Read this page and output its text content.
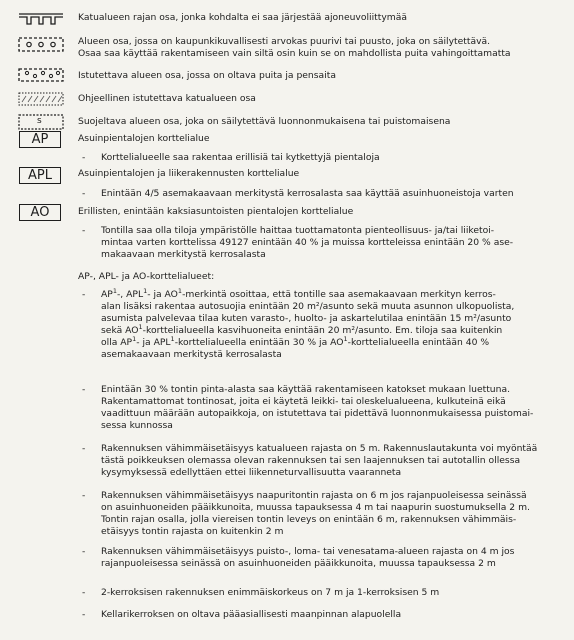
s
Katualueen rajan osa, jonka kohdalta ei saa järjestää ajoneuvoliittymää
Alueen osa, jossa on kaupunkikuvallisesti arvokas puurivi tai puusto, joka on säilytettävä.
Osaa saa käyttää rakentamiseen vain siltä osin kuin se on mahdollista puita vahingoittamatta
Istutettava alueen osa, jossa on oltava puita ja pensaita
Ohjeellinen istutettava katualueen osa
Suojeltava alueen osa, joka on säilytettävä luonnonmukaisena tai puistomaisena
AP	Asuinpientalojen korttelialue
- Korttelialueelle saa rakentaa erillisiä tai kytkettyjä pientaloja
APL	Asuinpientalojen ja liikerakennusten korttelialue
- Enintään 4/5 asemakaavaan merkitystä kerrosalasta saa käyttää asuinhuoneistoja varten
AO	Erillisten, enintään kaksiasuntoisten pientalojen korttelialue
- Tontilla saa olla tiloja ympäristölle haittaa tuottamatonta pienteollisuus- ja/tai liiketoi-
mintaa varten korttelissa 49127 enintään 40 % ja muissa kortteleissa enintään 20 % ase-
makaavaan merkitystä kerrosalasta
AP-, APL- ja AO-korttelialueet:
- $AP^1-$, APL$^1$- ja $AO^1$-merkintä osoittaa, että tontille saa asemakaavaan merkityn kerros-
alan lisäksi rakentaa autosuojia enintään 20 m²/asunto sekä muuta asunnon ulkopuolista,
asumista palvelevaa tilaa kuten varasto-, huolto- ja askartelutilaa enintään 15 m²/asunto
sekä $AO^1$-korttelialueella kasvihuoneita enintään 20 m²/asunto. Em. tiloja saa kuitenkin
olla $AP^1-$ ja APL$^1$-korttelialueella enintään 30 % ja $AO^1$-korttelialueella enintään 40 %
asemakaavaan merkitystä kerrosalasta
- Enintään 30 % tontin pinta-alasta saa käyttää rakentamiseen katokset mukaan luettuna.
Rakentamattomat tontinosat, joita ei käytetä leikki- tai oleskelualueena, kulkuteinä eikä
vaadittuun määrään autopaikkoja, on istutettava tai pidettävä luonnonmukaisessa puistomai-
sessa kunnossa
- Rakennuksen vähimmäisetäisyys katualueen rajasta on 5 m. Rakennuslautakunta voi myöntää
tästä poikkeuksen olemassa olevan rakennuksen tai sen laajennuksen tai autotallin ollessa
kysymyksessä edellyttäen ettei liikenneturvallisuutta vaaranneta
- Rakennuksen vähimmäisetäisyys naapuritontin rajasta on 6 m jos rajanpuoleisessa seinässä
on asuinhuoneiden pääikkunoita, muussa tapauksessa 4 m tai naapurin suostumuksella 2 m.
Tontin rajan osalla, jolla viereisen tontin leveys on enintään 6 m, rakennuksen vähimmäis-
etäisyys tontin rajasta on kuitenkin 2 m
- Rakennuksen vähimmäisetäisyys puisto-, loma- tai venesatama-alueen rajasta on 4 m jos
rajanpuoleisessa seinässä on asuinhuoneiden pääikkunoita, muussa tapauksessa 2 m
- 2-kerroksisen rakennuksen enimmäiskorkeus on 7 m ja 1-kerroksisen 5 m
- Kellarikerroksen on oltava pääasiallisesti maanpinnan alapuolella
